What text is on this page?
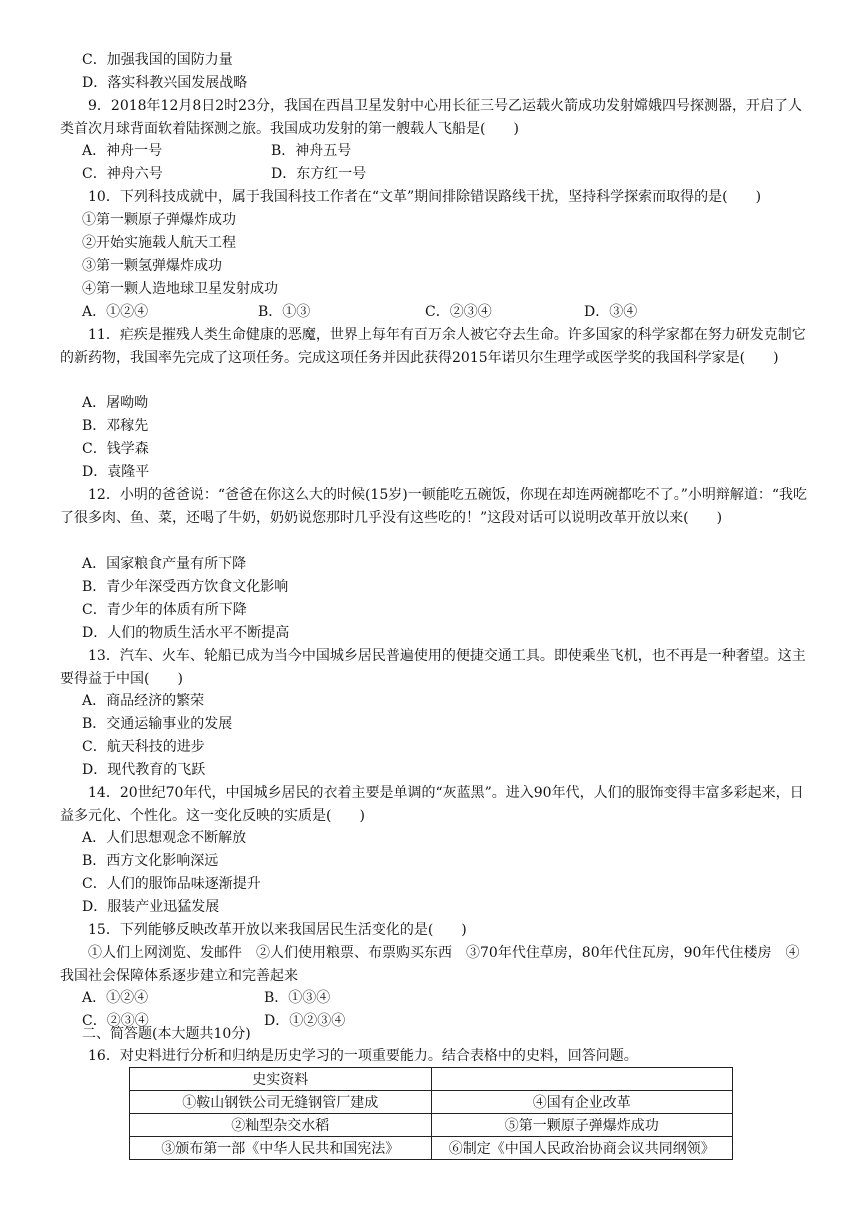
C．加强我国的国防力量
D．落实科教兴国发展战略
9．2018年12月8日2时23分，我国在西昌卫星发射中心用长征三号乙运载火箭成功发射嫦娥四号探测器，开启了人类首次月球背面软着陆探测之旅。我国成功发射的第一艘载人飞船是(　　)
A．神舟一号	B．神舟五号
C．神舟六号	D．东方红一号
10．下列科技成就中，属于我国科技工作者在“文革”期间排除错误路线干扰，坚持科学探索而取得的是(　　)
①第一颗原子弹爆炸成功
②开始实施载人航天工程
③第一颗氢弹爆炸成功
④第一颗人造地球卫星发射成功
A．①②④	B．①③	C．②③④	D．③④
11．疟疾是摧残人类生命健康的恶魔，世界上每年有百万余人被它夺去生命。许多国家的科学家都在努力研发克制它的新药物，我国率先完成了这项任务。完成这项任务并因此获得2015年诺贝尔生理学或医学奖的我国科学家是(　　)
A．屠呦呦
B．邓稼先
C．钱学森
D．袁隆平
12．小明的爸爸说：“爸爸在你这么大的时候(15岁)一顿能吃五碗饭，你现在却连两碗都吃不了。”小明辩解道：“我吃了很多肉、鱼、菜，还喝了牛奶，奶奶说您那时几乎没有这些吃的！”这段对话可以说明改革开放以来(　　)
A．国家粮食产量有所下降
B．青少年深受西方饮食文化影响
C．青少年的体质有所下降
D．人们的物质生活水平不断提高
13．汽车、火车、轮船已成为当今中国城乡居民普遍使用的便捷交通工具。即使乘坐飞机，也不再是一种奢望。这主要得益于中国(　　)
A．商品经济的繁荣
B．交通运输事业的发展
C．航天科技的进步
D．现代教育的飞跃
14．20世纪70年代，中国城乡居民的衣着主要是单调的“灰蓝黑”。进入90年代，人们的服饰变得丰富多彩起来，日益多元化、个性化。这一变化反映的实质是(　　)
A．人们思想观念不断解放
B．西方文化影响深远
C．人们的服饰品味逐渐提升
D．服装产业迅猛发展
15．下列能够反映改革开放以来我国居民生活变化的是(　　)
①人们上网浏览、发邮件　②人们使用粮票、布票购买东西　③70年代住草房，80年代住瓦房，90年代住楼房　④我国社会保障体系逐步建立和完善起来
A．①②④	B．①③④
C．②③④	D．①②③④
二、简答题(本大题共10分)
16．对史料进行分析和归纳是历史学习的一项重要能力。结合表格中的史料，回答问题。
史实资料	
①鞍山钢铁公司无缝钢管厂建成	④国有企业改革
②籼型杂交水稻	⑤第一颗原子弹爆炸成功
③颁布第一部《中华人民共和国宪法》	⑥制定《中国人民政治协商会议共同纲领》
